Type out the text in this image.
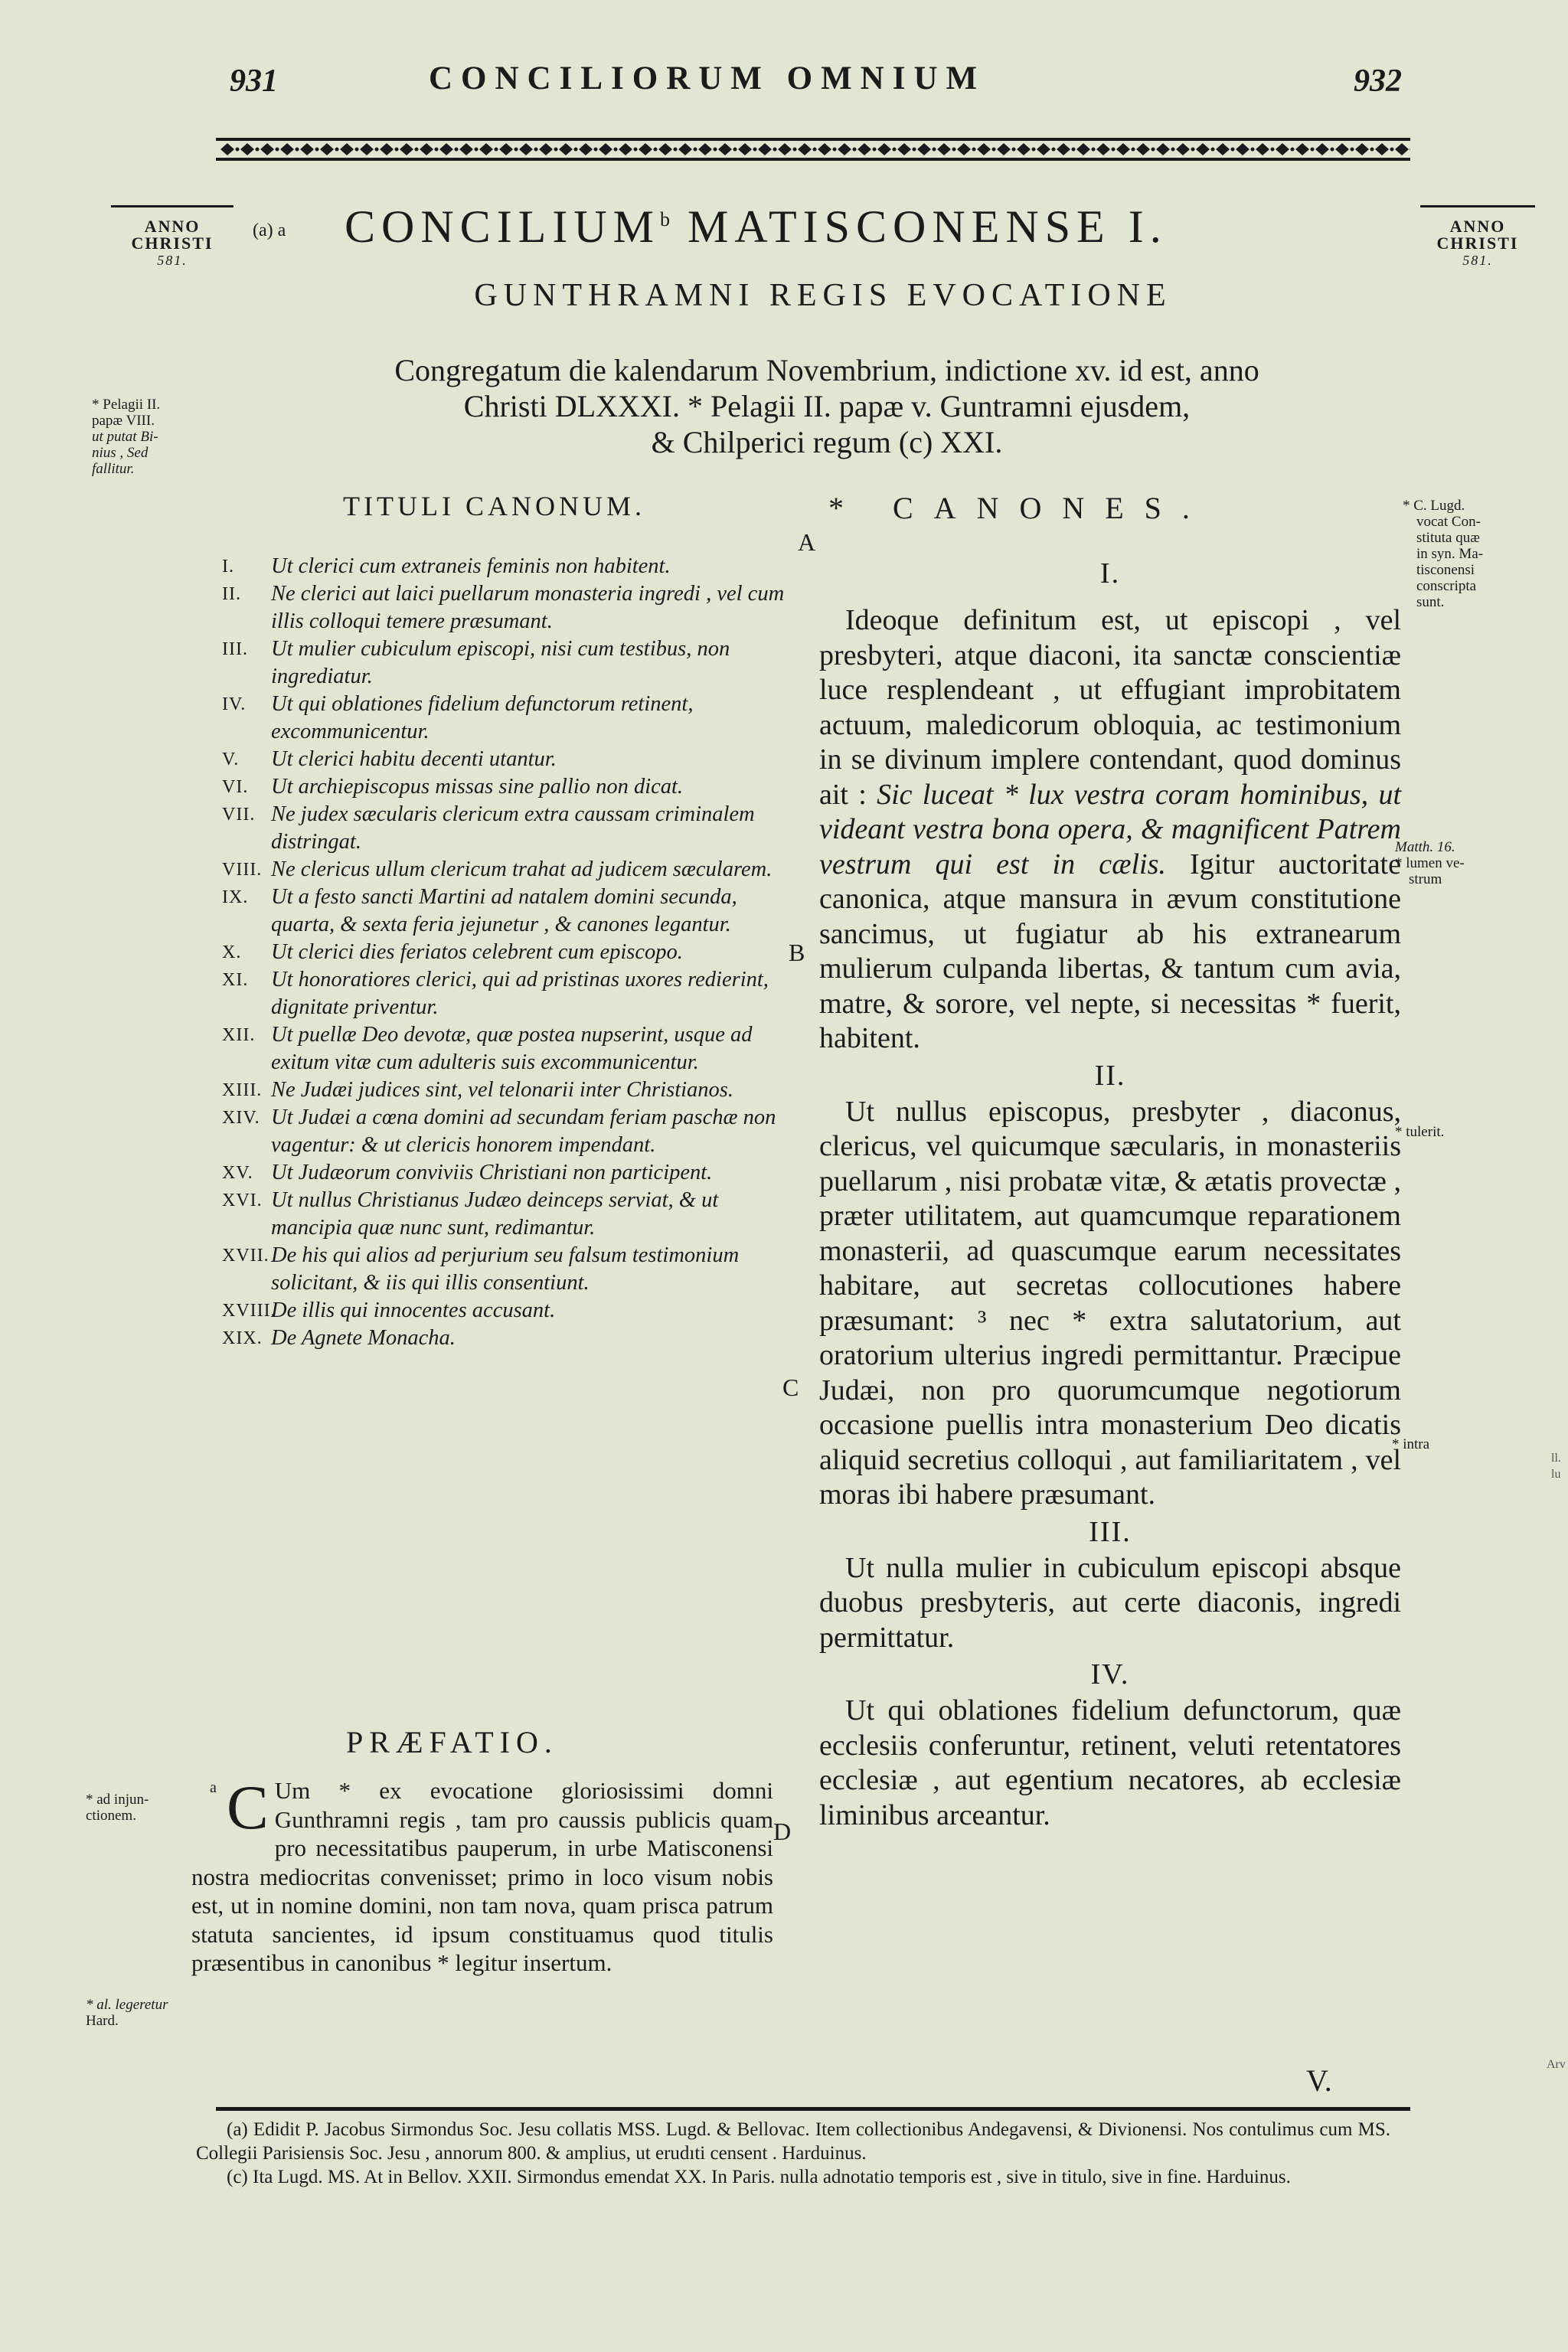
931	CONCILIORUM OMNIUM	932
ANNO
CHRISTI
581.
ANNO
CHRISTI
581.
(a) a CONCILIUM$^b$ MATISCONENSE I.
GUNTHRAMNI REGIS EVOCATIONE
Congregatum die kalendarum Novembrium, indictione xv. id est, anno
Christi DLXXXI. * Pelagii II. papæ v. Guntramni ejusdem,
& Chilperici regum (c) XXI.
* Pelagii II.
papæ VIII.
ut putat Bi-
nius , Sed
fallitur.
* ad injun-
ctionem.
* al. legeretur
Hard.
* C. Lugd.
vocat Con-
stituta quæ
in syn. Ma-
tisconensi
conscripta
sunt.
Matth. 16.
* lumen ve-
strum
* tulerit.
* intra
ll.
lu
Arv
A
B
C
D
TITULI CANONUM.
I. Ut clerici cum extraneis feminis non habitent.
II. Ne clerici aut laici puellarum monasteria ingredi , vel cum illis colloqui temere præsumant.
III. Ut mulier cubiculum episcopi, nisi cum testibus, non ingrediatur.
IV. Ut qui oblationes fidelium defunctorum retinent, excommunicentur.
V. Ut clerici habitu decenti utantur.
VI. Ut archiepiscopus missas sine pallio non dicat.
VII. Ne judex sæcularis clericum extra caussam criminalem distringat.
VIII. Ne clericus ullum clericum trahat ad judicem sæcularem.
IX. Ut a festo sancti Martini ad natalem domini secunda, quarta, & sexta feria jejunetur , & canones legantur.
X. Ut clerici dies feriatos celebrent cum episcopo.
XI. Ut honoratiores clerici, qui ad pristinas uxores redierint, dignitate priventur.
XII. Ut puellæ Deo devotæ, quæ postea nupserint, usque ad exitum vitæ cum adulteris suis excommunicentur.
XIII. Ne Judæi judices sint, vel telonarii inter Christianos.
XIV. Ut Judæi a cœna domini ad secundam feriam paschæ non vagentur: & ut clericis honorem impendant.
XV. Ut Judæorum conviviis Christiani non participent.
XVI. Ut nullus Christianus Judæo deinceps serviat, & ut mancipia quæ nunc sunt, redimantur.
XVII. De his qui alios ad perjurium seu falsum testimonium solicitant, & iis qui illis consentiunt.
XVIII.
De illis qui innocentes accusant.
XIX. De Agnete Monacha.
PRÆFATIO.
a C Um * ex evocatione gloriosissimi domni Gunthramni regis , tam pro caussis publicis quam pro necessitatibus pauperum, in urbe Matisconensi nostra mediocritas convenisset; primo in loco visum nobis est, ut in nomine domini, non tam nova, quam prisca patrum statuta sancientes, id ipsum constituamus quod titulis præsentibus in canonibus * legitur insertum.
* CANONES.

I.

Ideoque definitum est, ut episcopi , vel presbyteri, atque diaconi, ita sanctæ conscientiæ luce resplendeant , ut effugiant improbitatem actuum, maledicorum obloquia, ac testimonium in se divinum implere contendant, quod dominus ait : Sic luceat * lux vestra coram hominibus, ut videant vestra bona opera, & magnificent Patrem vestrum qui est in cælis. Igitur auctoritate canonica, atque mansura in ævum constitutione sancimus, ut fugiatur ab his extranearum mulierum culpanda libertas, & tantum cum avia, matre, & sorore, vel nepte, si necessitas * fuerit, habitent.

II.

Ut nullus episcopus, presbyter , diaconus, clericus, vel quicumque sæcularis, in monasteriis puellarum , nisi probatæ vitæ, & ætatis provectæ , præter utilitatem, aut quamcumque reparationem monasterii, ad quascumque earum necessitates habitare, aut secretas collocutiones habere præsumant: ³ nec * extra salutatorium, aut oratorium ulterius ingredi permittantur. Præcipue Judæi, non pro quorumcumque negotiorum occasione puellis intra monasterium Deo dicatis aliquid secretius colloqui , aut familiaritatem , vel moras ibi habere præsumant.

III.

Ut nulla mulier in cubiculum episcopi absque duobus presbyteris, aut certe diaconis, ingredi permittatur.

IV.

Ut qui oblationes fidelium defunctorum, quæ ecclesiis conferuntur, retinent, veluti retentatores ecclesiæ , aut egentium necatores, ab ecclesiæ liminibus arceantur.

V.
(a) Edidit P. Jacobus Sirmondus Soc. Jesu collatis MSS. Lugd. & Bellovac. Item collectionibus Andegavensi, & Divionensi. Nos contulimus cum MS. Collegii Parisiensis Soc. Jesu , annorum 800. & amplius, ut erudıti censent . Harduinus.
(c) Ita Lugd. MS. At in Bellov. XXII. Sirmondus emendat XX. In Paris. nulla adnotatio temporis est , sive in titulo, sive in fine. Harduinus.
